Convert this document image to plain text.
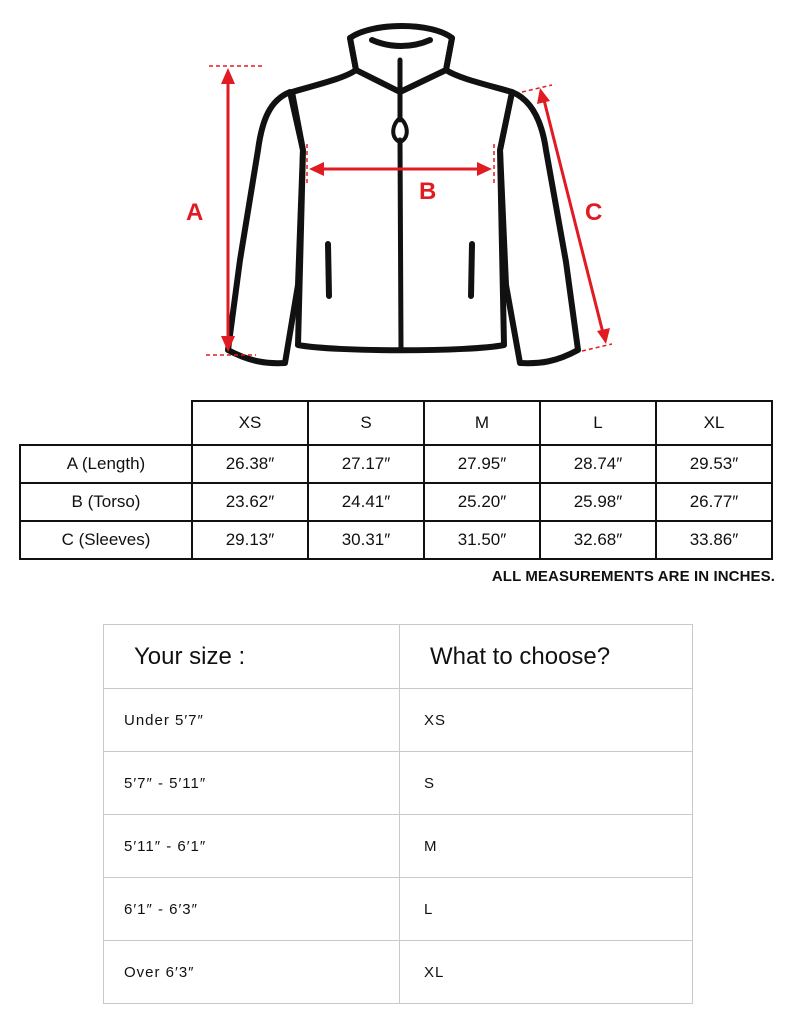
A
B
C
	XS	S	M	L	XL
A (Length)	26.38″	27.17″	27.95″	28.74″	29.53″
B (Torso)	23.62″	24.41″	25.20″	25.98″	26.77″
C (Sleeves)	29.13″	30.31″	31.50″	32.68″	33.86″
ALL MEASUREMENTS ARE IN INCHES.
Your size :	What to choose?
Under 5′7″	XS
5′7″ - 5′11″	S
5′11″ - 6′1″	M
6′1″ - 6′3″	L
Over 6′3″	XL
